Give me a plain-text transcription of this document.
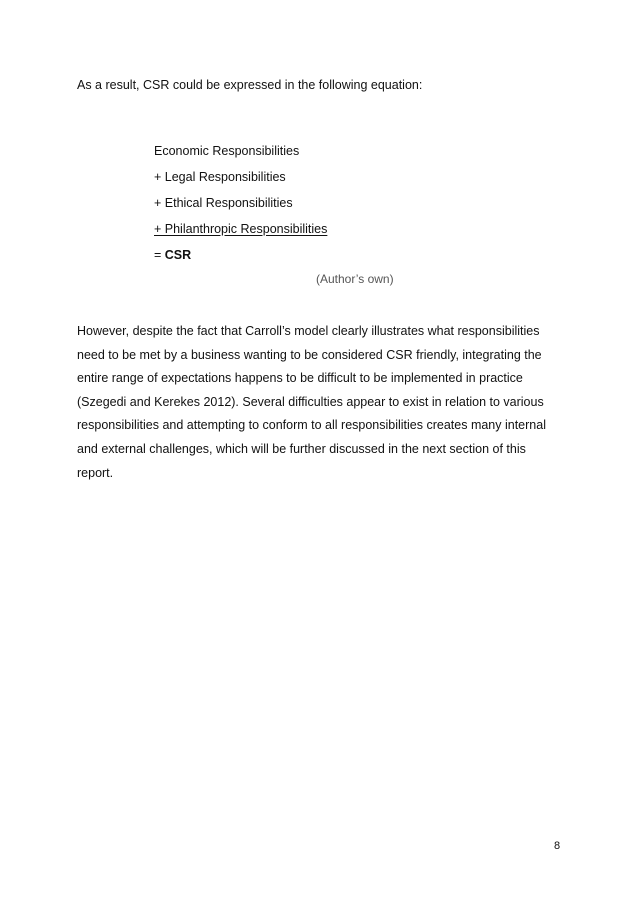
As a result, CSR could be expressed in the following equation:

Economic Responsibilities
+ Legal Responsibilities
+ Ethical Responsibilities
+ Philanthropic Responsibilities
= CSR

(Author’s own)

However, despite the fact that Carroll’s model clearly illustrates what responsibilities
need to be met by a business wanting to be considered CSR friendly, integrating the
entire range of expectations happens to be difficult to be implemented in practice
(Szegedi and Kerekes 2012). Several difficulties appear to exist in relation to various
responsibilities and attempting to conform to all responsibilities creates many internal
and external challenges, which will be further discussed in the next section of this
report.

8
